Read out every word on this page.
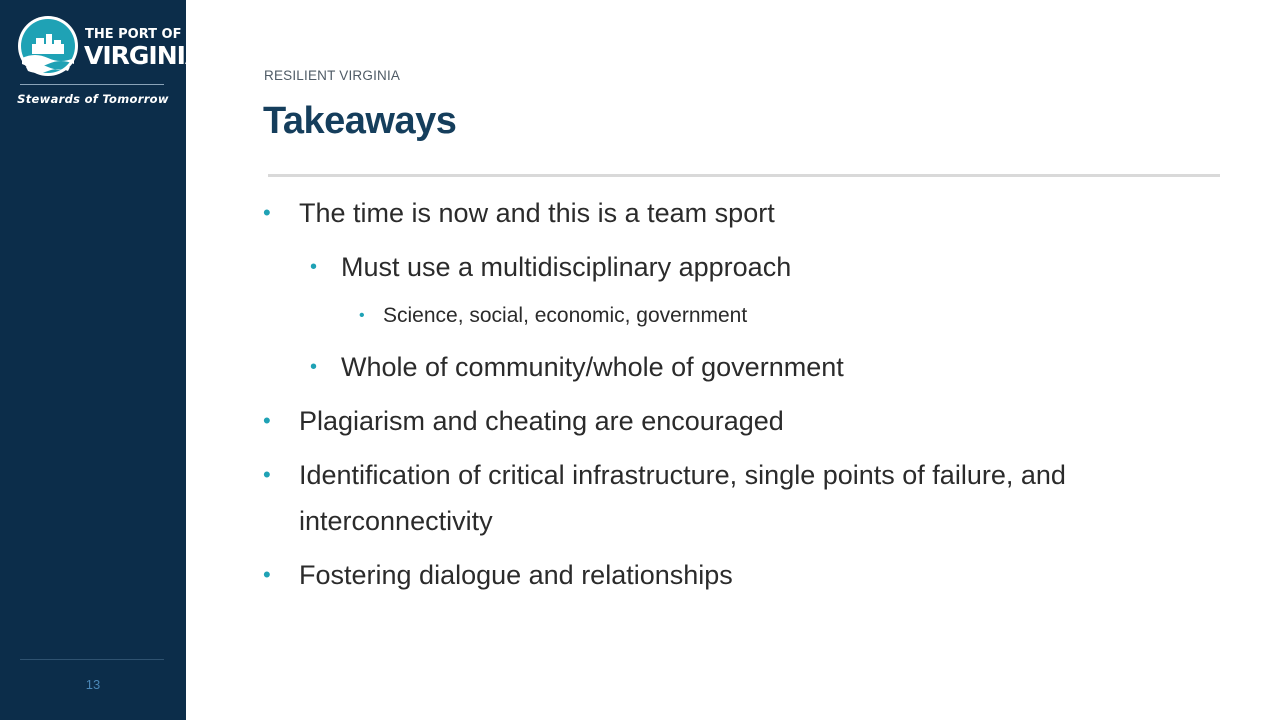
THE PORT OF
VIRGINIA
Stewards of Tomorrow
13
RESILIENT VIRGINIA
Takeaways
• The time is now and this is a team sport
• Must use a multidisciplinary approach
• Science, social, economic, government
• Whole of community/whole of government
• Plagiarism and cheating are encouraged
• Identification of critical infrastructure, single points of failure, and interconnectivity
• Fostering dialogue and relationships
